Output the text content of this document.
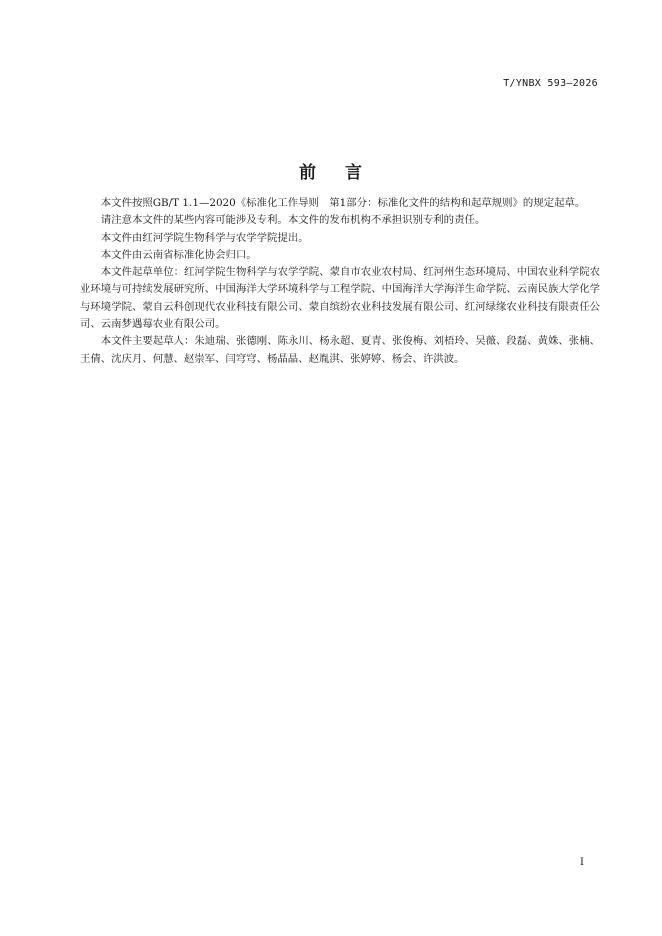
T/YNBX 593—2026
前 言

本文件按照GB/T 1.1—2020《标准化工作导则　第1部分：标准化文件的结构和起草规则》的规定起草。

请注意本文件的某些内容可能涉及专利。本文件的发布机构不承担识别专利的责任。

本文件由红河学院生物科学与农学学院提出。

本文件由云南省标准化协会归口。

本文件起草单位：红河学院生物科学与农学学院、蒙自市农业农村局、红河州生态环境局、中国农业科学院农业环境与可持续发展研究所、中国海洋大学环境科学与工程学院、中国海洋大学海洋生命学院、云南民族大学化学与环境学院、蒙自云科创现代农业科技有限公司、蒙自缤纷农业科技发展有限公司、红河绿缘农业科技有限责任公司、云南梦遇莓农业有限公司。

本文件主要起草人：朱迪瑞、张德刚、陈永川、杨永超、夏青、张俊梅、刘梧玲、吴薇、段磊、黄姝、张楠、王倩、沈庆月、何慧、赵崇军、闫穹穹、杨晶晶、赵胤淇、张婷婷、杨会、许洪波。

I
